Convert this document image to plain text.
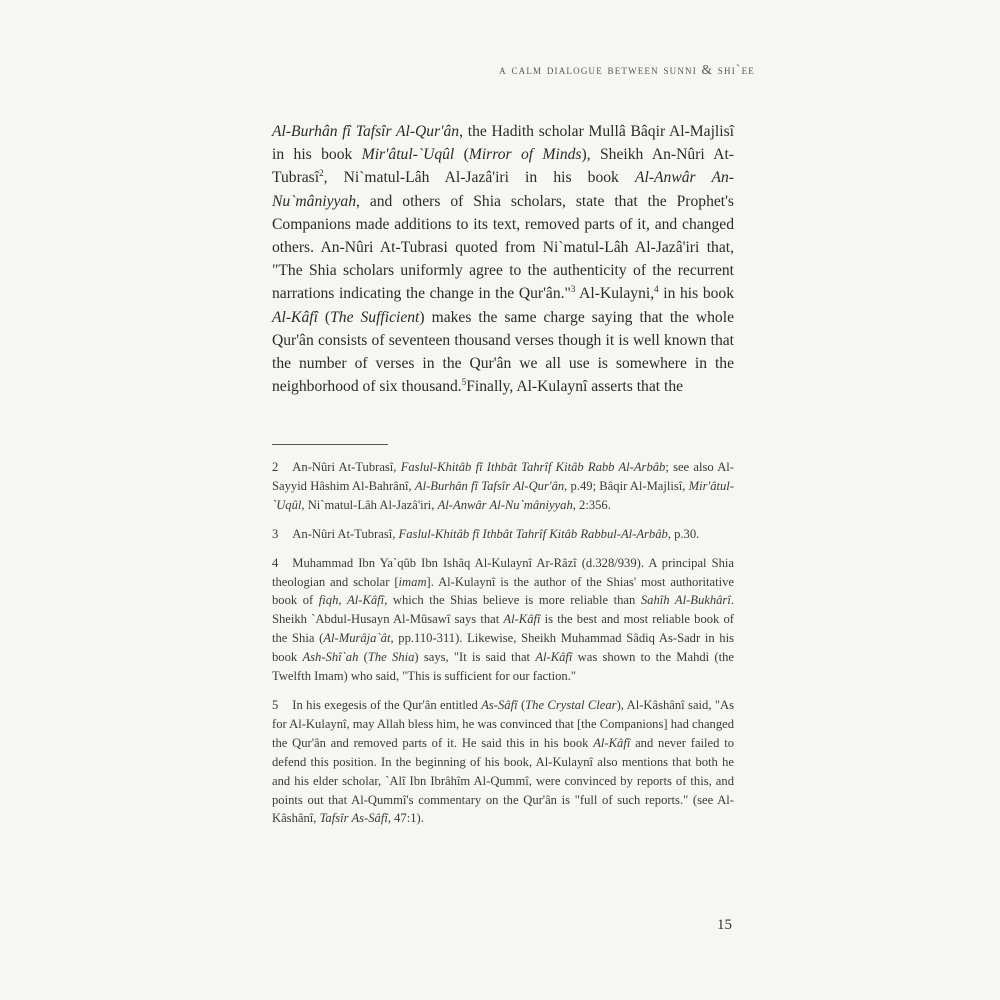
a calm dialogue between sunni & shi`ee

Al-Burhân fî Tafsîr Al-Qur'ân, the Hadith scholar Mullâ Bâqir Al-Majlisî in his book Mir'âtul-`Uqûl (Mirror of Minds), Sheikh An-Nûri At-Tubrasî$^2$, Ni`matul-Lâh Al-Jazâ'iri in his book Al-Anwâr An-Nu`mâniyyah, and others of Shia scholars, state that the Prophet's Companions made additions to its text, removed parts of it, and changed others. An-Nûri At-Tubrasi quoted from Ni`matul-Lâh Al-Jazâ'iri that, "The Shia scholars uniformly agree to the authenticity of the recurrent narrations indicating the change in the Qur'ân."$^3$ Al-Kulayni,$^4$ in his book Al-Kâfî (The Sufficient) makes the same charge saying that the whole Qur'ân consists of seventeen thousand verses though it is well known that the number of verses in the Qur'ân we all use is somewhere in the neighborhood of six thousand.$^5$Finally, Al-Kulaynî asserts that the

2 An-Nûri At-Tubrasî, Faslul-Khitâb fî Ithbât Tahrîf Kitâb Rabb Al-Arbâb; see also Al-Sayyid Hâshim Al-Bahrânî, Al-Burhân fî Tafsîr Al-Qur'ân, p.49; Bâqir Al-Majlisî, Mir'âtul-`Uqûl, Ni`matul-Lâh Al-Jazâ'iri, Al-Anwâr Al-Nu`mâniyyah, 2:356.

3 An-Nûri At-Tubrasî, Faslul-Khitâb fî Ithbât Tahrîf Kitâb Rabbul-Al-Arbâb, p.30.

4 Muhammad Ibn Ya`qûb Ibn Ishâq Al-Kulaynî Ar-Râzî (d.328/939). A principal Shia theologian and scholar [imam]. Al-Kulaynî is the author of the Shias' most authoritative book of fiqh, Al-Kâfî, which the Shias believe is more reliable than Sahîh Al-Bukhârî. Sheikh `Abdul-Husayn Al-Mûsawî says that Al-Kâfî is the best and most reliable book of the Shia (Al-Murâja`ât, pp.110-311). Likewise, Sheikh Muhammad Sâdiq As-Sadr in his book Ash-Shî`ah (The Shia) says, "It is said that Al-Kâfî was shown to the Mahdi (the Twelfth Imam) who said, "This is sufficient for our faction."

5 In his exegesis of the Qur'ân entitled As-Sâfî (The Crystal Clear), Al-Kâshânî said, "As for Al-Kulaynî, may Allah bless him, he was convinced that [the Companions] had changed the Qur'ân and removed parts of it. He said this in his book Al-Kâfî and never failed to defend this position. In the beginning of his book, Al-Kulaynî also mentions that both he and his elder scholar, `Alî Ibn Ibrâhîm Al-Qummî, were convinced by reports of this, and points out that Al-Qummî's commentary on the Qur'ân is "full of such reports." (see Al-Kâshânî, Tafsîr As-Sâfî, 47:1).

15
